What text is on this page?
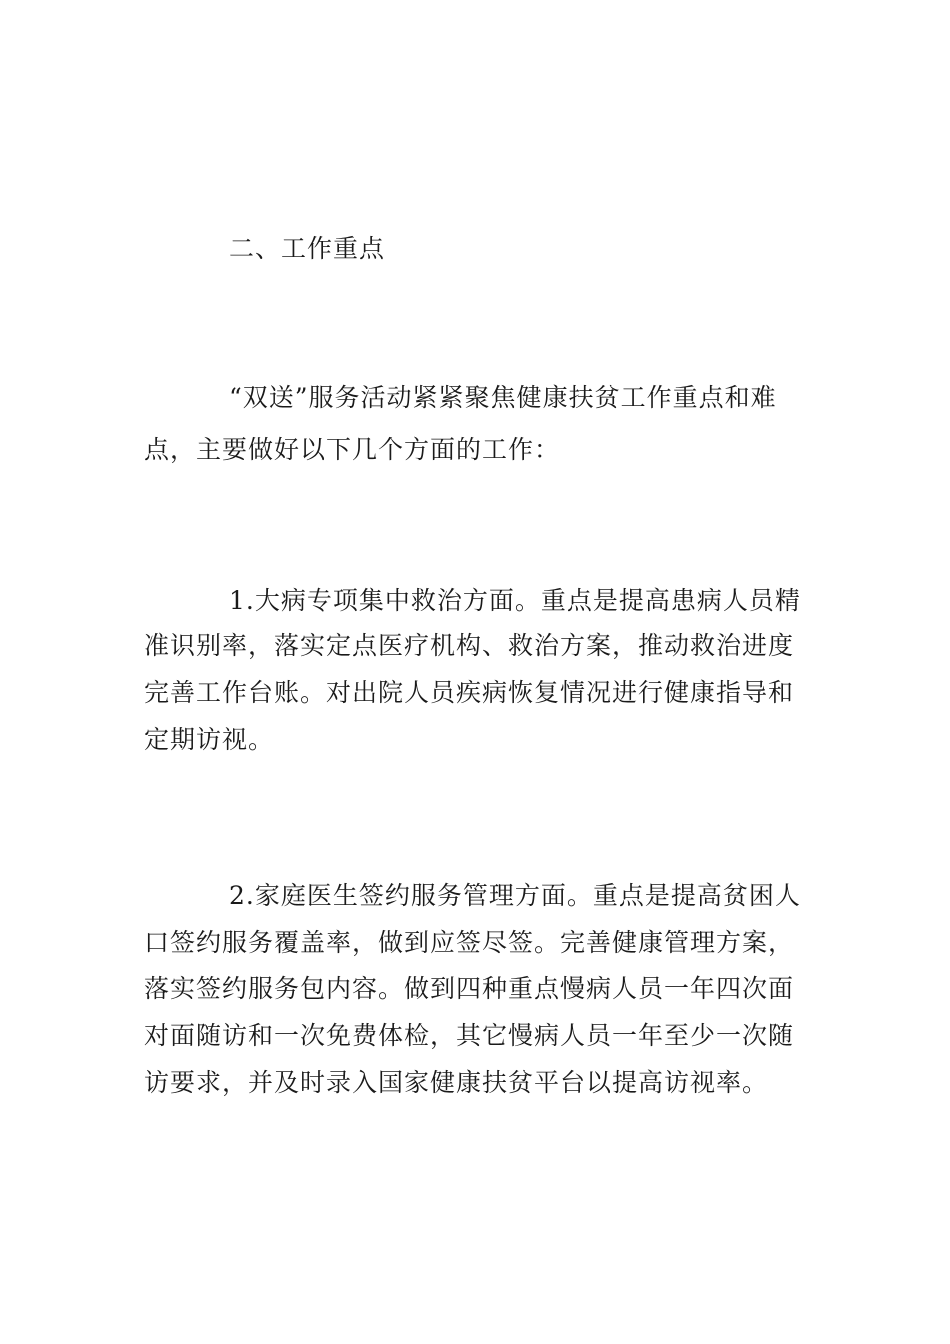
二、工作重点
“双送”服务活动紧紧聚焦健康扶贫工作重点和难
点，主要做好以下几个方面的工作：
1.大病专项集中救治方面。重点是提高患病人员精
准识别率，落实定点医疗机构、救治方案，推动救治进度
完善工作台账。对出院人员疾病恢复情况进行健康指导和
定期访视。
2.家庭医生签约服务管理方面。重点是提高贫困人
口签约服务覆盖率，做到应签尽签。完善健康管理方案，
落实签约服务包内容。做到四种重点慢病人员一年四次面
对面随访和一次免费体检，其它慢病人员一年至少一次随
访要求，并及时录入国家健康扶贫平台以提高访视率。
